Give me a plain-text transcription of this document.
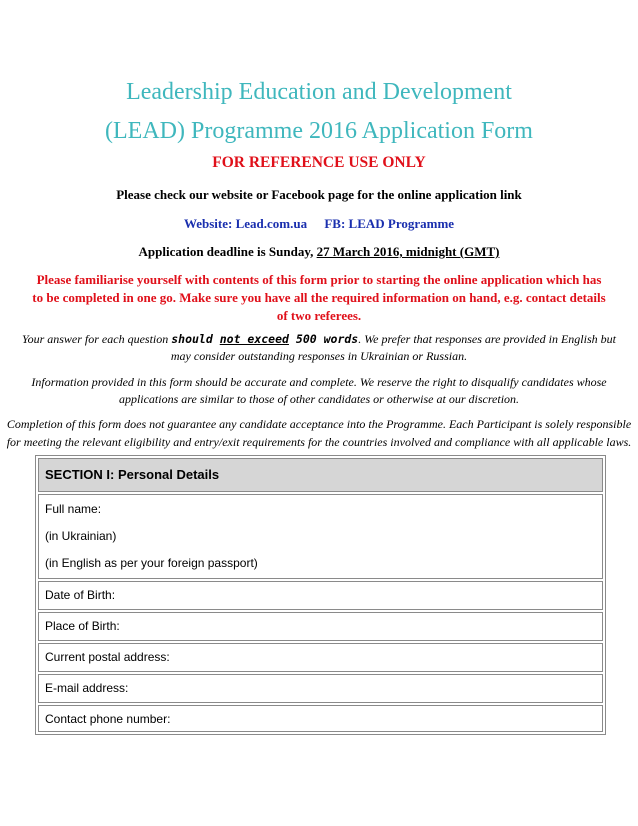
Leadership Education and Development
(LEAD) Programme 2016 Application Form
FOR REFERENCE USE ONLY
Please check our website or Facebook page for the online application link
Website: Lead.com.ua FB: LEAD Programme
Application deadline is Sunday, 27 March 2016, midnight (GMT)
Please familiarise yourself with contents of this form prior to starting the online application which has to be completed in one go. Make sure you have all the required information on hand, e.g. contact details of two referees.
Your answer for each question should not exceed 500 words. We prefer that responses are provided in English but may consider outstanding responses in Ukrainian or Russian.
Information provided in this form should be accurate and complete. We reserve the right to disqualify candidates whose applications are similar to those of other candidates or otherwise at our discretion.
Completion of this form does not guarantee any candidate acceptance into the Programme. Each Participant is solely responsible for meeting the relevant eligibility and entry/exit requirements for the countries involved and compliance with all applicable laws.
SECTION I: Personal Details
Full name:
(in Ukrainian)
(in English as per your foreign passport)
Date of Birth:
Place of Birth:
Current postal address:
E-mail address:
Contact phone number:
